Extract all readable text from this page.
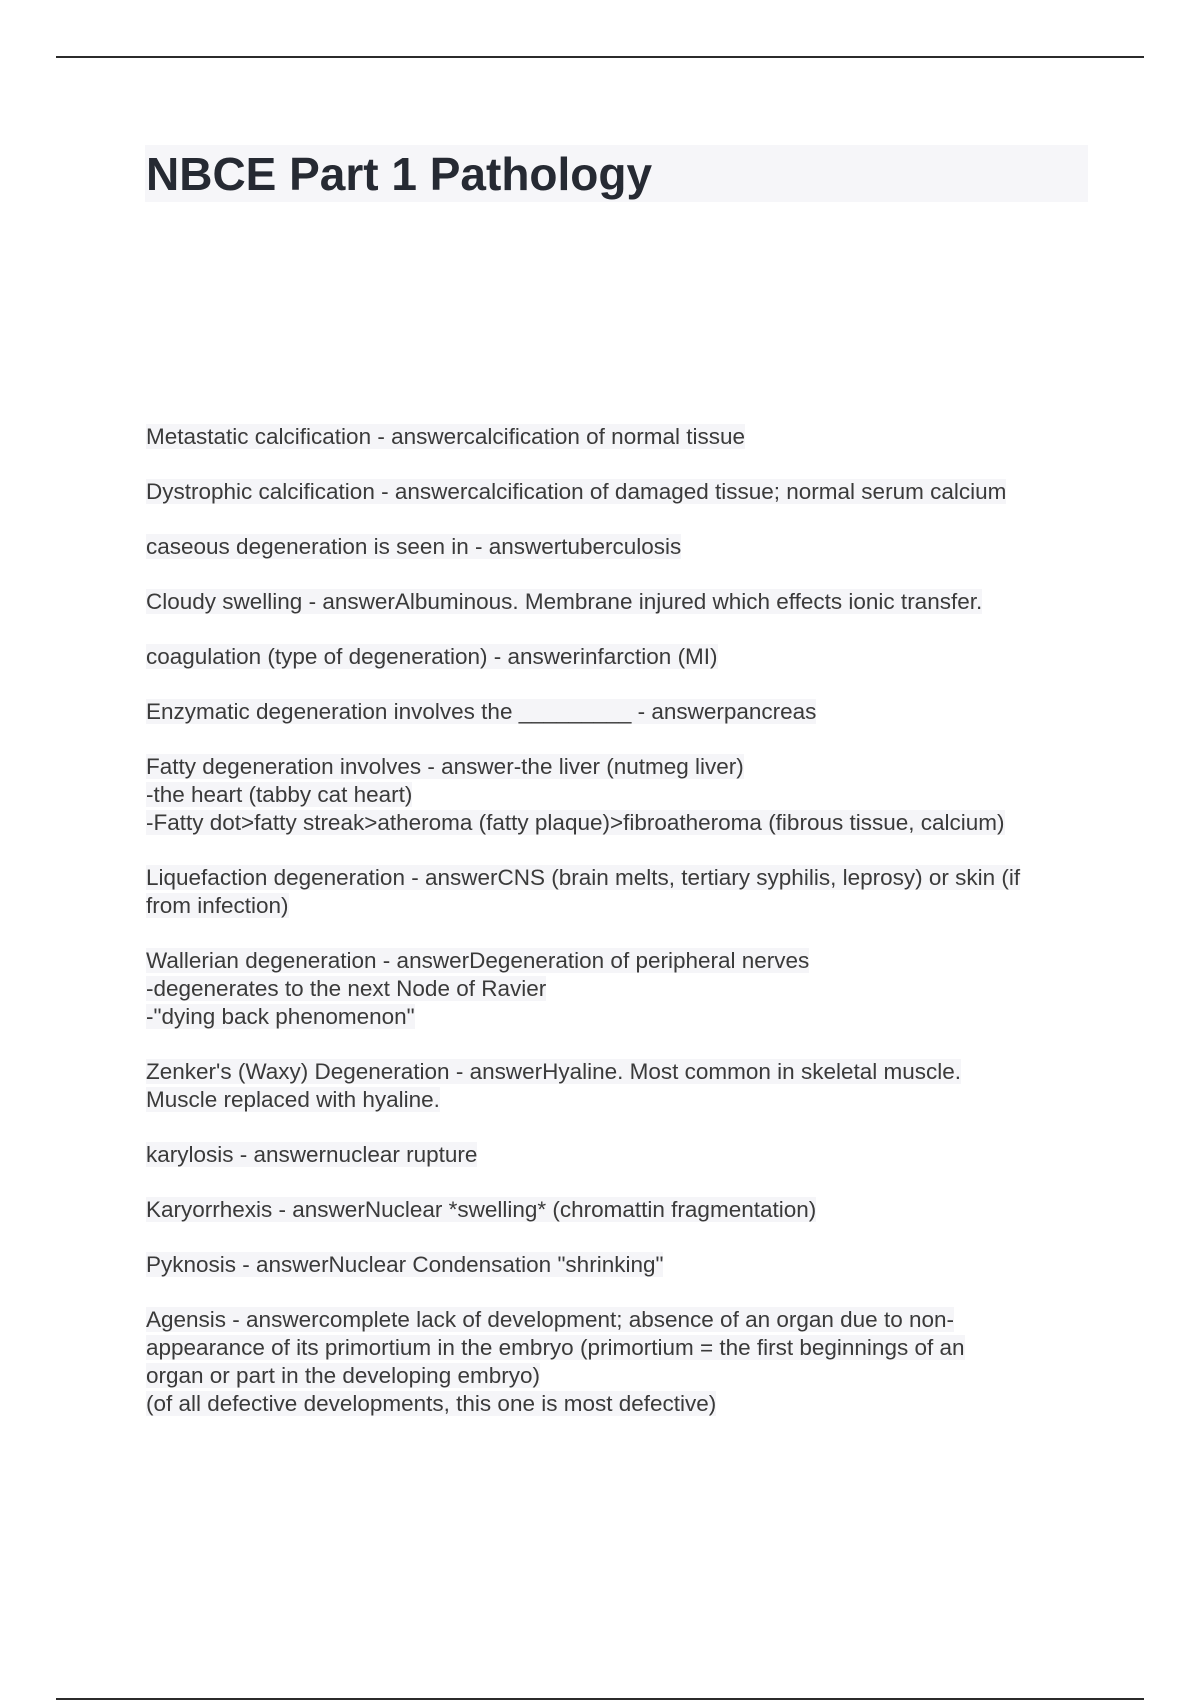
NBCE Part 1 Pathology
Metastatic calcification - answercalcification of normal tissue
Dystrophic calcification - answercalcification of damaged tissue; normal serum calcium
caseous degeneration is seen in - answertuberculosis
Cloudy swelling - answerAlbuminous. Membrane injured which effects ionic transfer.
coagulation (type of degeneration) - answerinfarction (MI)
Enzymatic degeneration involves the _________ - answerpancreas
Fatty degeneration involves - answer-the liver (nutmeg liver)
-the heart (tabby cat heart)
-Fatty dot>fatty streak>atheroma (fatty plaque)>fibroatheroma (fibrous tissue, calcium)
Liquefaction degeneration - answerCNS (brain melts, tertiary syphilis, leprosy) or skin (if
from infection)
Wallerian degeneration - answerDegeneration of peripheral nerves
-degenerates to the next Node of Ravier
-"dying back phenomenon"
Zenker's (Waxy) Degeneration - answerHyaline. Most common in skeletal muscle.
Muscle replaced with hyaline.
karylosis - answernuclear rupture
Karyorrhexis - answerNuclear *swelling* (chromattin fragmentation)
Pyknosis - answerNuclear Condensation "shrinking"
Agensis - answercomplete lack of development; absence of an organ due to non-
appearance of its primortium in the embryo (primortium = the first beginnings of an
organ or part in the developing embryo)
(of all defective developments, this one is most defective)
